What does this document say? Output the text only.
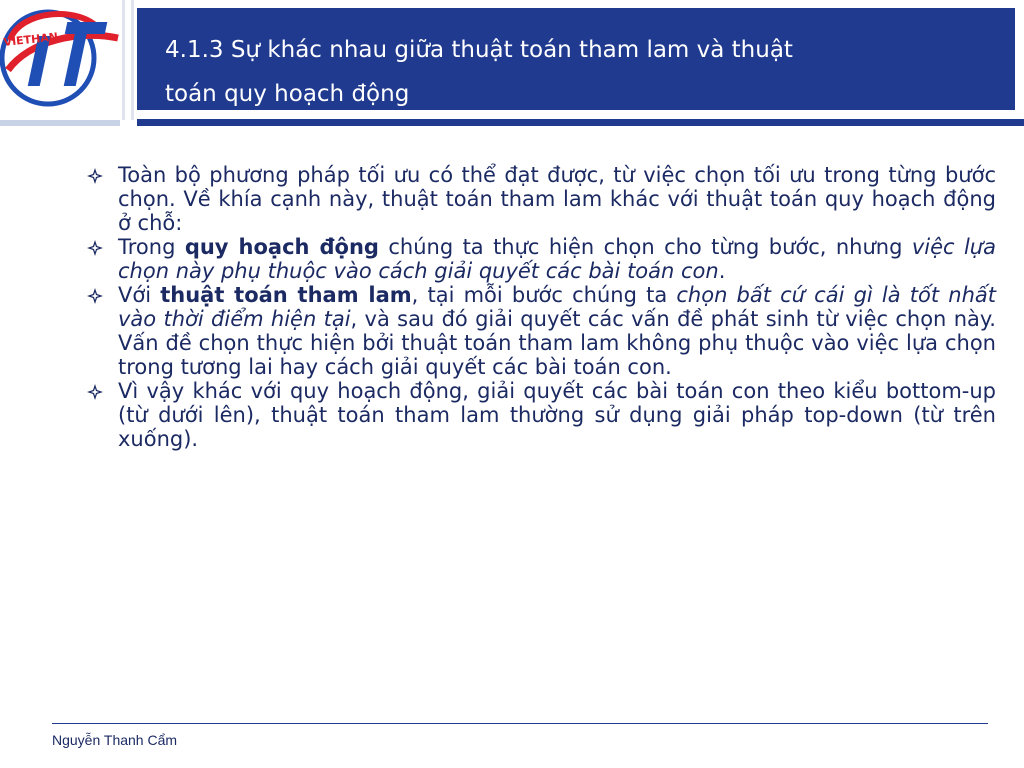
VIETHAN	4.1.3 Sự khác nhau giữa thuật toán tham lam và thuật
toán quy hoạch động
Toàn bộ phương pháp tối ưu có thể đạt được, từ việc chọn tối ưu trong từng bước chọn. Về khía cạnh này, thuật toán tham lam khác với thuật toán quy hoạch động ở chỗ:
Trong quy hoạch động chúng ta thực hiện chọn cho từng bước, nhưng việc lựa chọn này phụ thuộc vào cách giải quyết các bài toán con.
Với thuật toán tham lam, tại mỗi bước chúng ta chọn bất cứ cái gì là tốt nhất vào thời điểm hiện tại, và sau đó giải quyết các vấn đề phát sinh từ việc chọn này. Vấn đề chọn thực hiện bởi thuật toán tham lam không phụ thuộc vào việc lựa chọn trong tương lai hay cách giải quyết các bài toán con.
Vì vậy khác với quy hoạch động, giải quyết các bài toán con theo kiểu bottom-up (từ dưới lên), thuật toán tham lam thường sử dụng giải pháp top-down (từ trên xuống).
Nguyễn Thanh Cẩm
